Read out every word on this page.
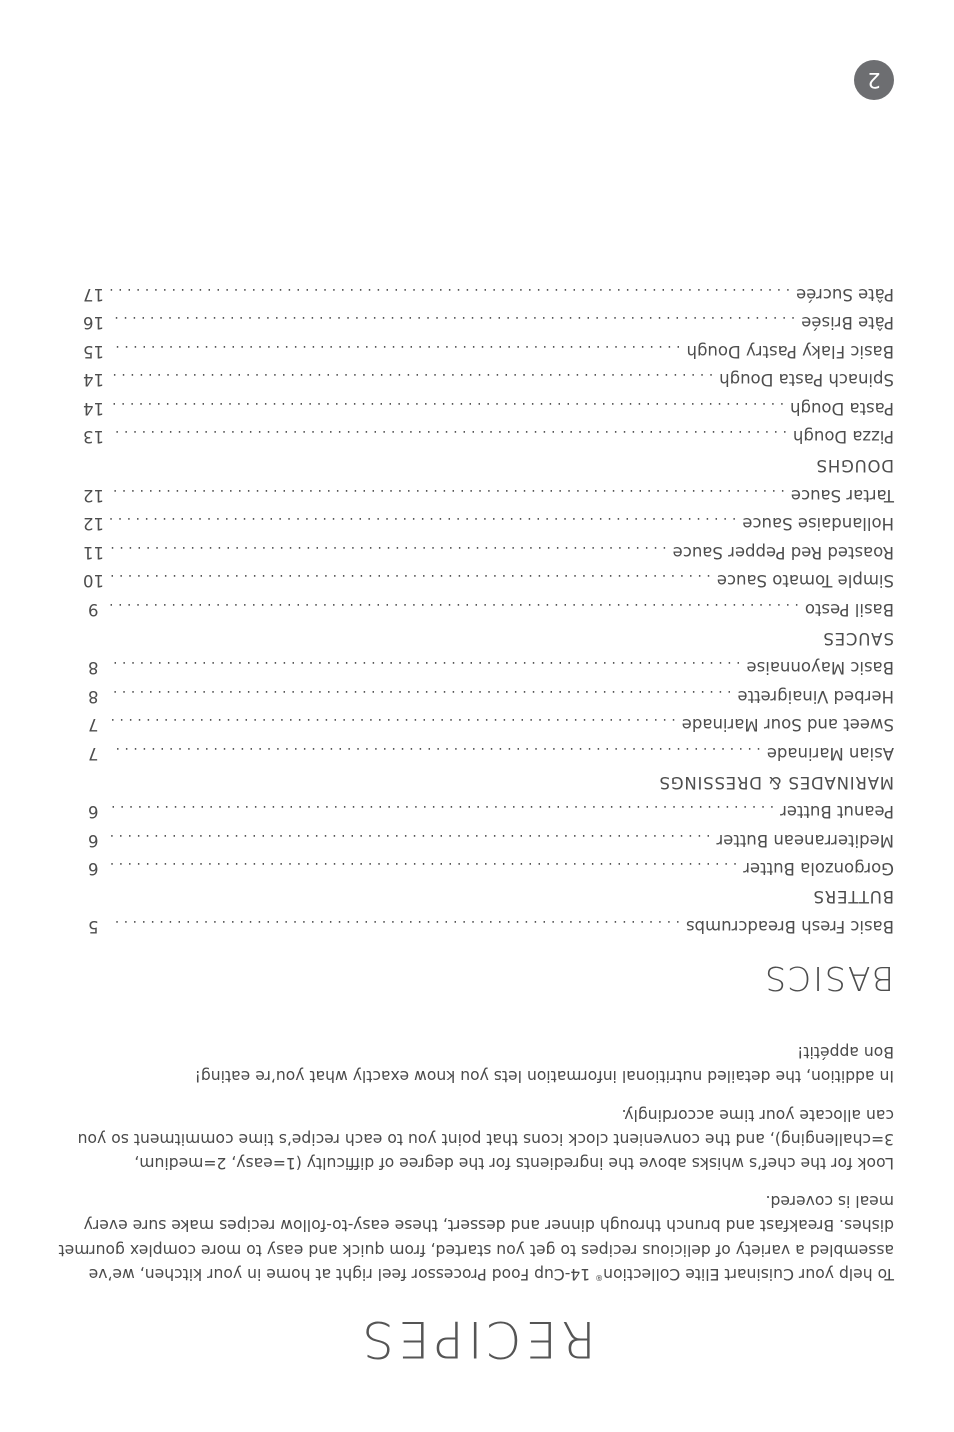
RECIPES

To help your Cuisinart Elite Collection® 14-Cup Food Processor feel right at home in your kitchen, we’ve assembled a variety of delicious recipes to get you started, from quick and easy to more complex gourmet dishes. Breakfast and brunch through dinner and dessert, these easy-to-follow recipes make sure every meal is covered.

Look for the chef’s whisks above the ingredients for the degree of difficulty (1=easy, 2=medium, 3=challenging), and the convenient clock icons that point you to each recipe’s time commitment so you can allocate your time accordingly.

In addition, the detailed nutritional information lets you know exactly what you’re eating!

Bon appétit!

BASICS
Basic Fresh Breadcrumbs
. . .
5
BUTTERS
Gorgonzola Butter
. . .
6
Mediterranean Butter
. . .
6
Peanut Butter
. . .
6
MARINADES & DRESSINGS
Asian Marinade
. . .
7
Sweet and Sour Marinade
. . .
7
Herbed Vinaigrette
. . .
8
Basic Mayonnaise
. . .
8
SAUCES
Basil Pesto
. . .
9
Simple Tomato Sauce
. . .
10
Roasted Red Pepper Sauce
. . .
11
Hollandaise Sauce
. . .
12
Tartar Sauce
. . .
12
DOUGHS
Pizza Dough
. . .
13
Pasta Dough
. . .
14
Spinach Pasta Dough
. . .
14
Basic Flaky Pastry Dough
. . .
15
Pâte Brisée
. . .
16
Pâte Sucrée
. . .
17
2
